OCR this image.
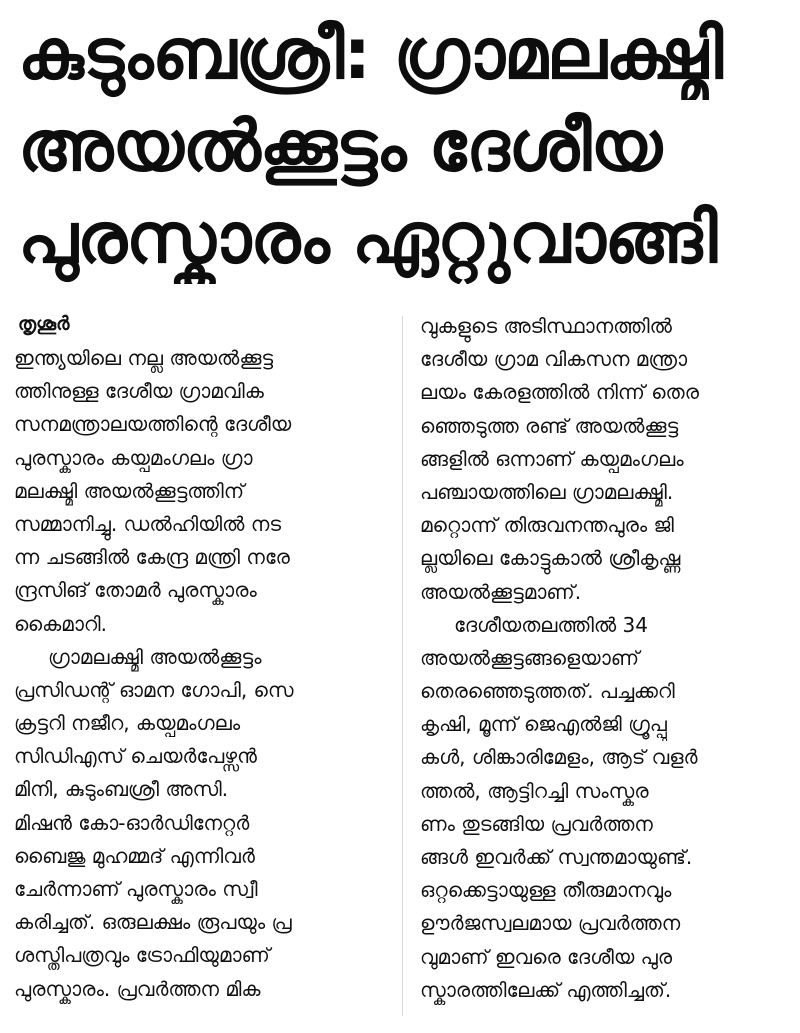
കുടുംബശ്രീ: ഗ്രാമലക്ഷ്മി
അയൽക്കൂട്ടം ദേശീയ
പുരസ്കാരം ഏറ്റുവാങ്ങി
തൃശൂർ
ഇന്ത്യയിലെ നല്ല അയൽക്കൂട്ട
ത്തിനുള്ള ദേശീയ ഗ്രാമവിക
സനമന്ത്രാലയത്തിന്റെ ദേശീയ
പുരസ്കാരം കയ്പമംഗലം ഗ്രാ
മലക്ഷ്മി അയൽക്കൂട്ടത്തിന്
സമ്മാനിച്ചു. ഡൽഹിയിൽ നട
ന്ന ചടങ്ങിൽ കേന്ദ്ര മന്ത്രി നരേ
ന്ദ്രസിങ് തോമർ പുരസ്കാരം
കൈമാറി.
ഗ്രാമലക്ഷ്മി അയൽക്കൂട്ടം
പ്രസിഡന്റ് ഓമന ഗോപി, സെ
ക്രട്ടറി നജീറ, കയ്പമംഗലം
സിഡിഎസ് ചെയർപേഴ്സൻ
മിനി, കുടുംബശ്രീ അസി.
മിഷൻ കോ-ഓർഡിനേറ്റർ
ബൈജു മുഹമ്മദ് എന്നിവർ
ചേർന്നാണ് പുരസ്കാരം സ്വീ
കരിച്ചത്. ഒരുലക്ഷം രൂപയും പ്ര
ശസ്തിപത്രവും ട്രോഫിയുമാണ്
പുരസ്കാരം. പ്രവർത്തന മിക
വുകളുടെ അടിസ്ഥാനത്തിൽ
ദേശീയ ഗ്രാമ വികസന മന്ത്രാ
ലയം കേരളത്തിൽ നിന്ന് തെര
ഞ്ഞെടുത്ത രണ്ട് അയൽക്കൂട്ട
ങ്ങളിൽ ഒന്നാണ് കയ്പമംഗലം
പഞ്ചായത്തിലെ ഗ്രാമലക്ഷ്മി.
മറ്റൊന്ന് തിരുവനന്തപുരം ജി
ല്ലയിലെ കോട്ടുകാൽ ശ്രീകൃഷ്ണ
അയൽക്കൂട്ടമാണ്.
ദേശീയതലത്തിൽ 34
അയൽക്കൂട്ടങ്ങളെയാണ്
തെരഞ്ഞെടുത്തത്. പച്ചക്കറി
കൃഷി, മൂന്ന് ജെഎൽജി ഗ്രൂപ്പു
കൾ, ശിങ്കാരിമേളം, ആട് വളർ
ത്തൽ, ആട്ടിറച്ചി സംസ്കര
ണം തുടങ്ങിയ പ്രവർത്തന
ങ്ങൾ ഇവർക്ക് സ്വന്തമായുണ്ട്.
ഒറ്റക്കെട്ടായുള്ള തീരുമാനവും
ഊർജസ്വലമായ പ്രവർത്തന
വുമാണ് ഇവരെ ദേശീയ പുര
സ്കാരത്തിലേക്ക് എത്തിച്ചത്.
